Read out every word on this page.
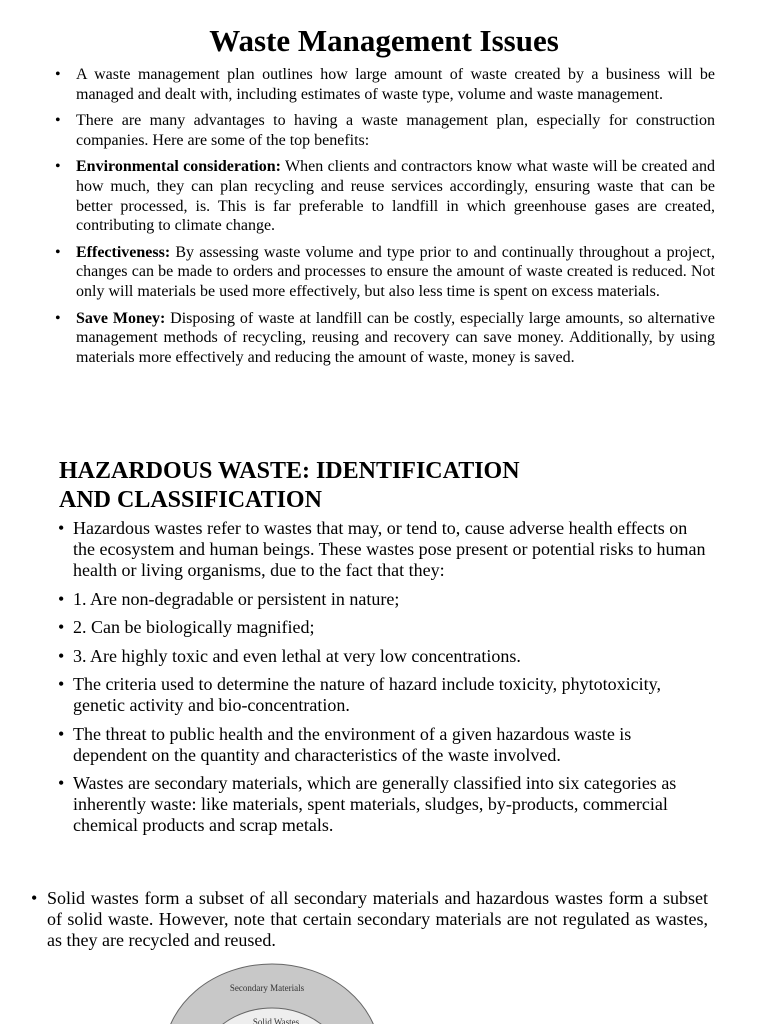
Waste Management Issues
• A waste management plan outlines how large amount of waste created by a business will be managed and dealt with, including estimates of waste type, volume and waste management.
• There are many advantages to having a waste management plan, especially for construction companies. Here are some of the top benefits:
• Environmental consideration: When clients and contractors know what waste will be created and how much, they can plan recycling and reuse services accordingly, ensuring waste that can be better processed, is. This is far preferable to landfill in which greenhouse gases are created, contributing to climate change.
• Effectiveness: By assessing waste volume and type prior to and continually throughout a project, changes can be made to orders and processes to ensure the amount of waste created is reduced. Not only will materials be used more effectively, but also less time is spent on excess materials.
• Save Money: Disposing of waste at landfill can be costly, especially large amounts, so alternative management methods of recycling, reusing and recovery can save money. Additionally, by using materials more effectively and reducing the amount of waste, money is saved.
HAZARDOUS WASTE: IDENTIFICATION
AND CLASSIFICATION
• Hazardous wastes refer to wastes that may, or tend to, cause adverse health effects on the ecosystem and human beings. These wastes pose present or potential risks to human health or living organisms, due to the fact that they:
• 1. Are non-degradable or persistent in nature;
• 2. Can be biologically magnified;
• 3. Are highly toxic and even lethal at very low concentrations.
• The criteria used to determine the nature of hazard include toxicity, phytotoxicity, genetic activity and bio-concentration.
• The threat to public health and the environment of a given hazardous waste is dependent on the quantity and characteristics of the waste involved.
• Wastes are secondary materials, which are generally classified into six categories as inherently waste: like materials, spent materials, sludges, by-products, commercial chemical products and scrap metals.
• Solid wastes form a subset of all secondary materials and hazardous wastes form a subset of solid waste. However, note that certain secondary materials are not regulated as wastes, as they are recycled and reused.
Secondary Materials
Solid Wastes
